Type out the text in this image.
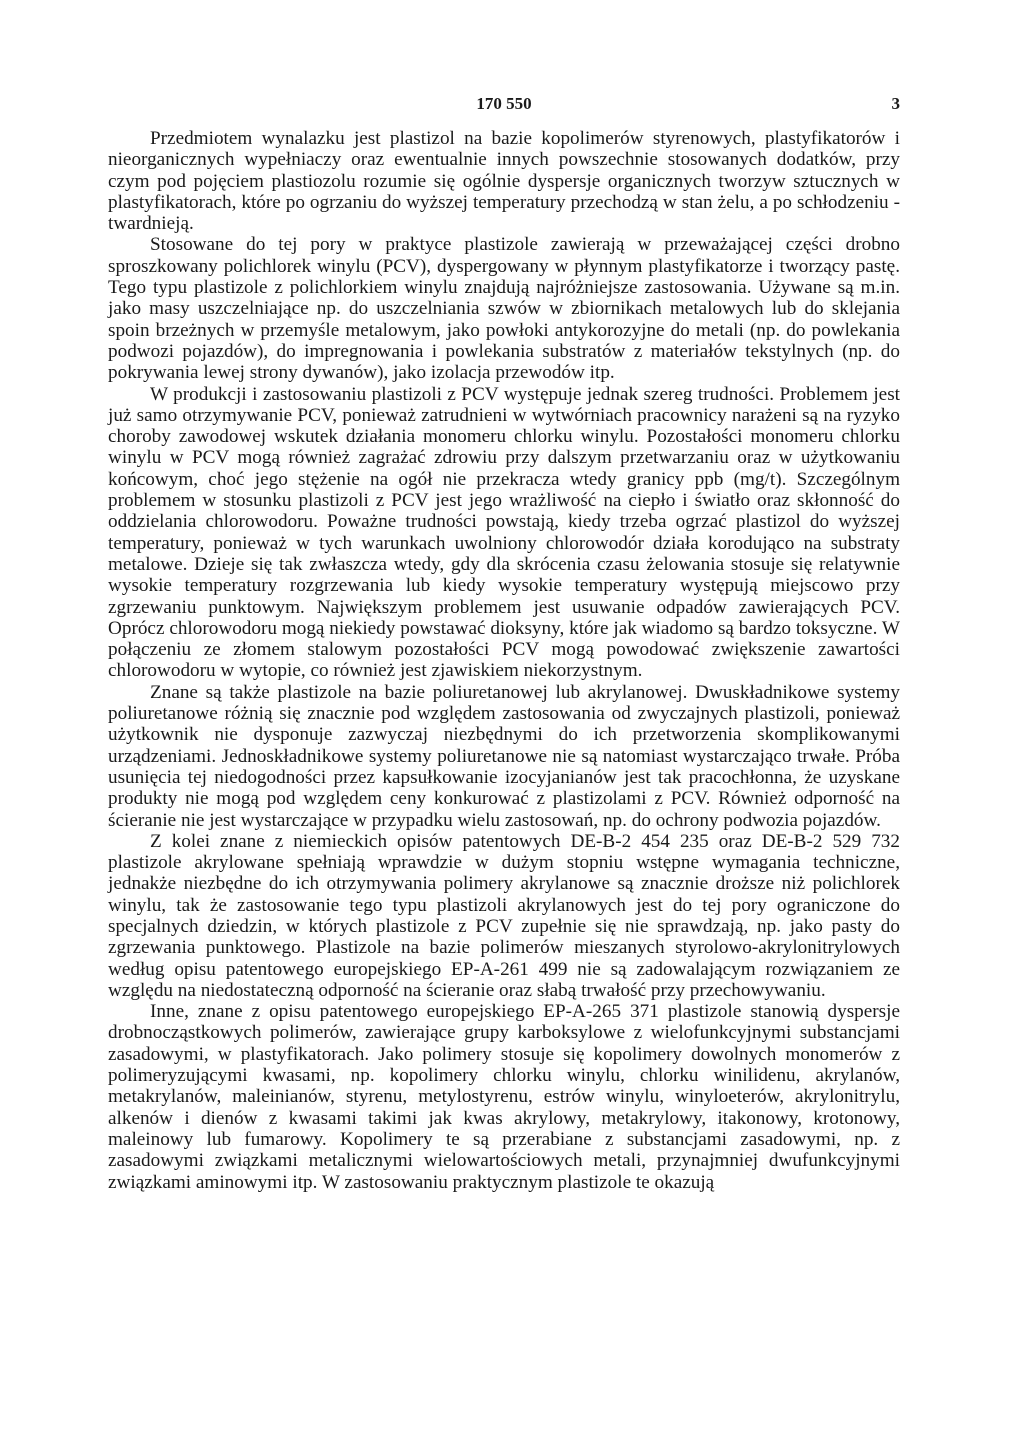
170 550	3

Przedmiotem wynalazku jest plastizol na bazie kopolimerów styrenowych, plastyfikatorów i nieorganicznych wypełniaczy oraz ewentualnie innych powszechnie stosowanych dodatków, przy czym pod pojęciem plastiozolu rozumie się ogólnie dyspersje organicznych tworzyw sztucznych w plastyfikatorach, które po ogrzaniu do wyższej temperatury przechodzą w stan żelu, a po schłodzeniu - twardnieją.

Stosowane do tej pory w praktyce plastizole zawierają w przeważającej części drobno sproszkowany polichlorek winylu (PCV), dyspergowany w płynnym plastyfikatorze i tworzący pastę. Tego typu plastizole z polichlorkiem winylu znajdują najróżniejsze zastosowania. Używane są m.in. jako masy uszczelniające np. do uszczelniania szwów w zbiornikach metalowych lub do sklejania spoin brzeżnych w przemyśle metalowym, jako powłoki antykorozyjne do metali (np. do powlekania podwozi pojazdów), do impregnowania i powlekania substratów z materiałów tekstylnych (np. do pokrywania lewej strony dywanów), jako izolacja przewodów itp.

W produkcji i zastosowaniu plastizoli z PCV występuje jednak szereg trudności. Problemem jest już samo otrzymywanie PCV, ponieważ zatrudnieni w wytwórniach pracownicy narażeni są na ryzyko choroby zawodowej wskutek działania monomeru chlorku winylu. Pozostałości monomeru chlorku winylu w PCV mogą również zagrażać zdrowiu przy dalszym przetwarzaniu oraz w użytkowaniu końcowym, choć jego stężenie na ogół nie przekracza wtedy granicy ppb (mg/t). Szczególnym problemem w stosunku plastizoli z PCV jest jego wrażliwość na ciepło i światło oraz skłonność do oddzielania chlorowodoru. Poważne trudności powstają, kiedy trzeba ogrzać plastizol do wyższej temperatury, ponieważ w tych warunkach uwolniony chlorowodór działa korodująco na substraty metalowe. Dzieje się tak zwłaszcza wtedy, gdy dla skrócenia czasu żelowania stosuje się relatywnie wysokie temperatury rozgrzewania lub kiedy wysokie temperatury występują miejscowo przy zgrzewaniu punktowym. Największym problemem jest usuwanie odpadów zawierających PCV. Oprócz chlorowodoru mogą niekiedy powstawać dioksyny, które jak wiadomo są bardzo toksyczne. W połączeniu ze złomem stalowym pozostałości PCV mogą powodować zwiększenie zawartości chlorowodoru w wytopie, co również jest zjawiskiem niekorzystnym.

Znane są także plastizole na bazie poliuretanowej lub akrylanowej. Dwuskładnikowe systemy poliuretanowe różnią się znacznie pod względem zastosowania od zwyczajnych plastizoli, ponieważ użytkownik nie dysponuje zazwyczaj niezbędnymi do ich przetworzenia skomplikowanymi urządzeniami. Jednoskładnikowe systemy poliuretanowe nie są natomiast wystarczająco trwałe. Próba usunięcia tej niedogodności przez kapsułkowanie izocyjanianów jest tak pracochłonna, że uzyskane produkty nie mogą pod względem ceny konkurować z plastizolami z PCV. Również odporność na ścieranie nie jest wystarczające w przypadku wielu zastosowań, np. do ochrony podwozia pojazdów.

Z kolei znane z niemieckich opisów patentowych DE-B-2 454 235 oraz DE-B-2 529 732 plastizole akrylowane spełniają wprawdzie w dużym stopniu wstępne wymagania techniczne, jednakże niezbędne do ich otrzymywania polimery akrylanowe są znacznie droższe niż polichlorek winylu, tak że zastosowanie tego typu plastizoli akrylanowych jest do tej pory ograniczone do specjalnych dziedzin, w których plastizole z PCV zupełnie się nie sprawdzają, np. jako pasty do zgrzewania punktowego. Plastizole na bazie polimerów mieszanych styrolowo-akrylonitrylowych według opisu patentowego europejskiego EP-A-261 499 nie są zadowalającym rozwiązaniem ze względu na niedostateczną odporność na ścieranie oraz słabą trwałość przy przechowywaniu.

Inne, znane z opisu patentowego europejskiego EP-A-265 371 plastizole stanowią dyspersje drobnocząstkowych polimerów, zawierające grupy karboksylowe z wielofunkcyjnymi substancjami zasadowymi, w plastyfikatorach. Jako polimery stosuje się kopolimery dowolnych monomerów z polimeryzującymi kwasami, np. kopolimery chlorku winylu, chlorku winilidenu, akrylanów, metakrylanów, maleinianów, styrenu, metylostyrenu, estrów winylu, winyloeterów, akrylonitrylu, alkenów i dienów z kwasami takimi jak kwas akrylowy, metakrylowy, itakonowy, krotonowy, maleinowy lub fumarowy. Kopolimery te są przerabiane z substancjami zasadowymi, np. z zasadowymi związkami metalicznymi wielowartościowych metali, przynajmniej dwufunkcyjnymi związkami aminowymi itp. W zastosowaniu praktycznym plastizole te okazują
